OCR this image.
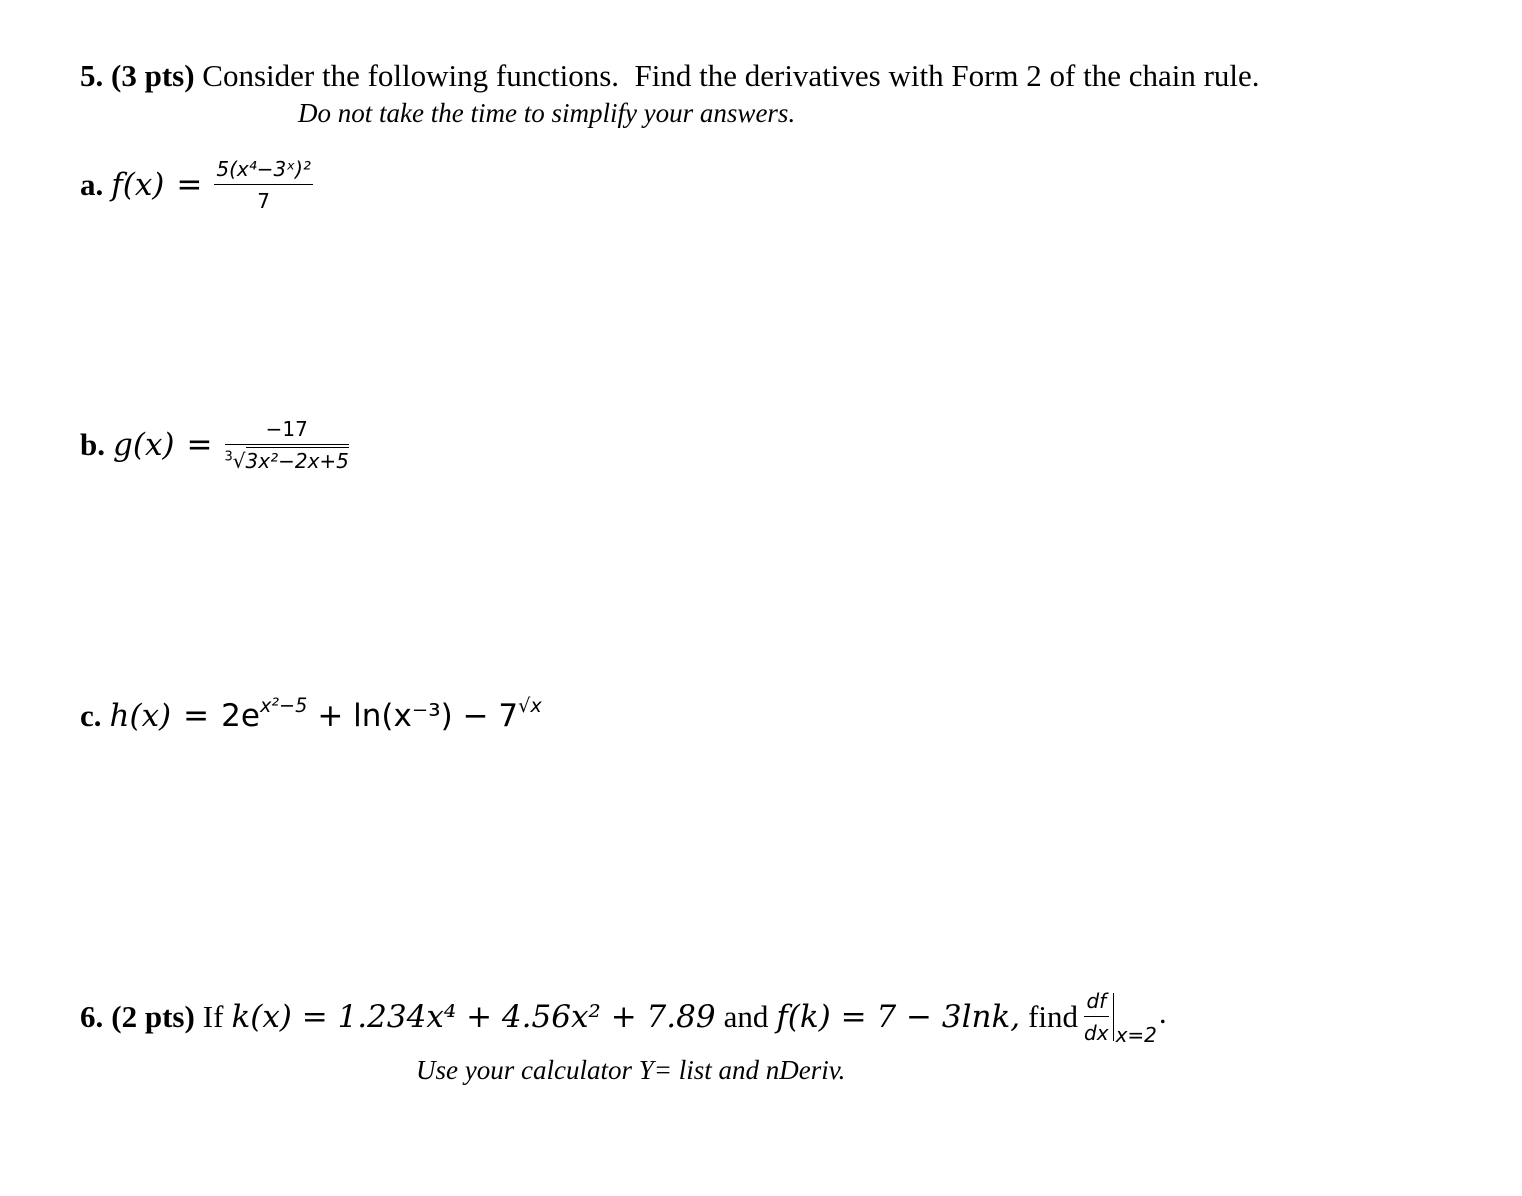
5. (3 pts) Consider the following functions.  Find the derivatives with Form 2 of the chain rule.
Do not take the time to simplify your answers.
a. $f(x) = \frac{\text{5(x⁴−3ˣ)²}}{7}$
b. $g(x) = \frac{-17}{^3√3x^2-2x+5}$
c. h(x) = 2e x²−5 + ln(x⁻³) − 7 √x
6. (2 pts) If k(x) = 1.234x⁴ + 4.56x² + 7.89 and f(k) = 7 − 3lnk, find $\frac{df}{dx} x=2$
.
Use your calculator Y= list and nDeriv.
